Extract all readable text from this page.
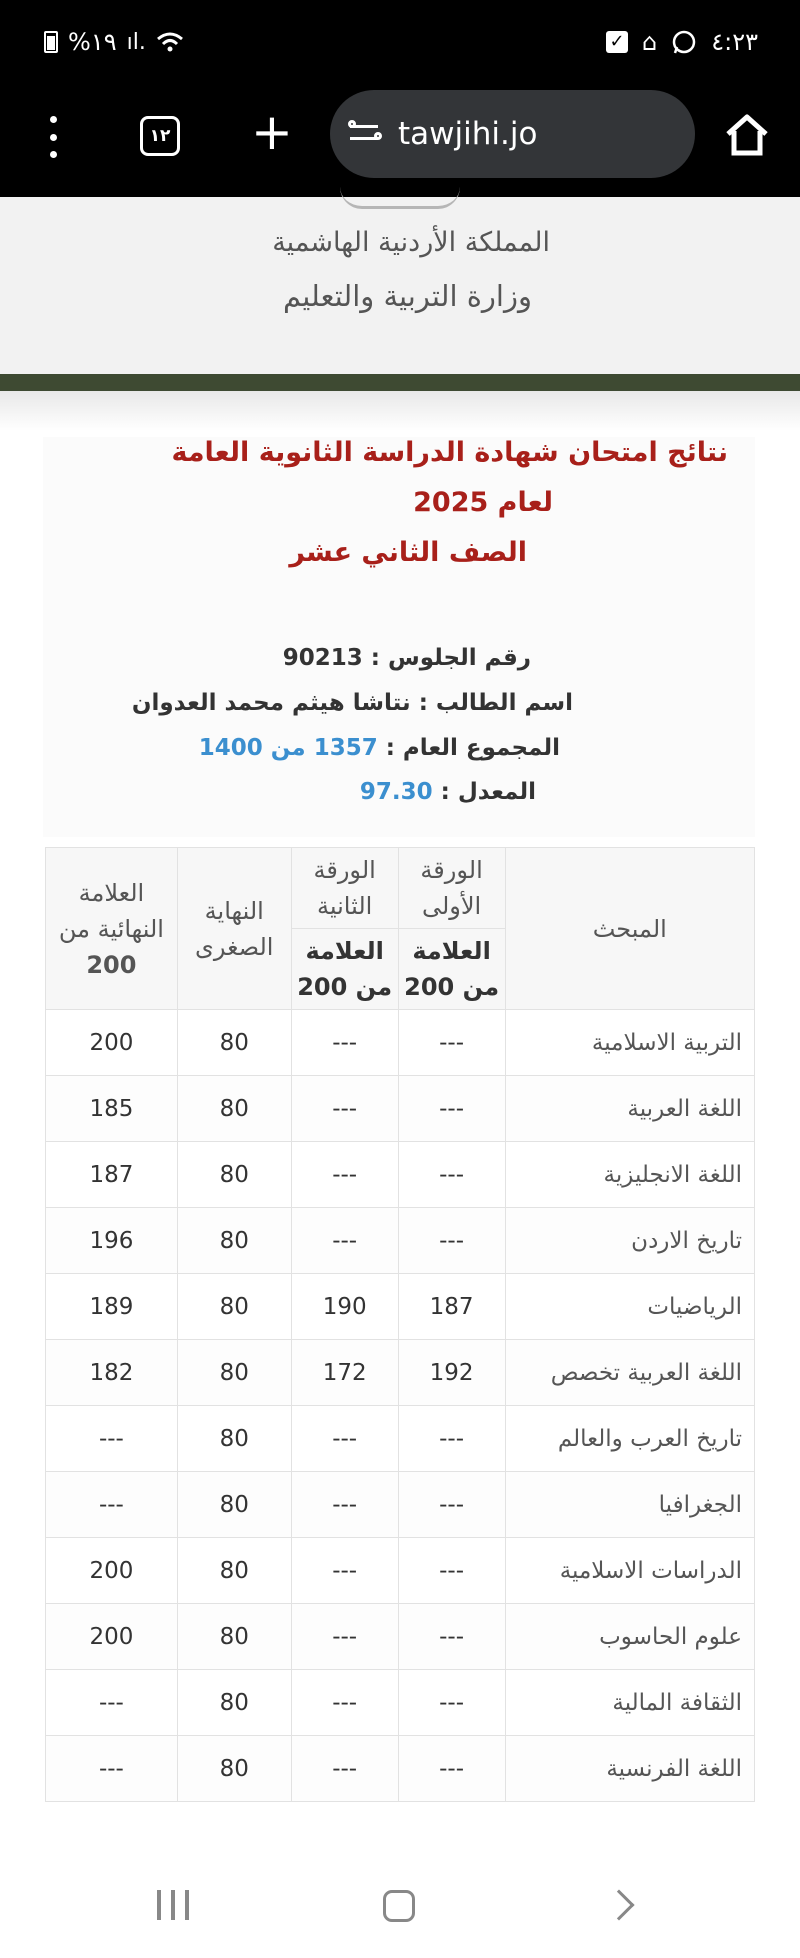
%١٩ ıl.	✓ ⌂ ٤:٢٣
١٢ +	tawjihi.jo
المملكة الأردنية الهاشمية
وزارة التربية والتعليم
نتائج امتحان شهادة الدراسة الثانوية العامة
لعام 2025
الصف الثاني عشر
رقم الجلوس : 90213
اسم الطالب : نتاشا هيثم محمد العدوان
المجموع العام : 1357 من 1400
المعدل : 97.30
المبحث	الورقة الأولى	الورقة الثانية	النهاية الصغرى	العلامة النهائية من
200
	العلامة من 200	العلامة من 200		
التربية الاسلامية	---	---	80	200
اللغة العربية	---	---	80	185
اللغة الانجليزية	---	---	80	187
تاريخ الاردن	---	---	80	196
الرياضيات	187	190	80	189
اللغة العربية تخصص	192	172	80	182
تاريخ العرب والعالم	---	---	80	---
الجغرافيا	---	---	80	---
الدراسات الاسلامية	---	---	80	200
علوم الحاسوب	---	---	80	200
الثقافة المالية	---	---	80	---
اللغة الفرنسية	---	---	80	---
